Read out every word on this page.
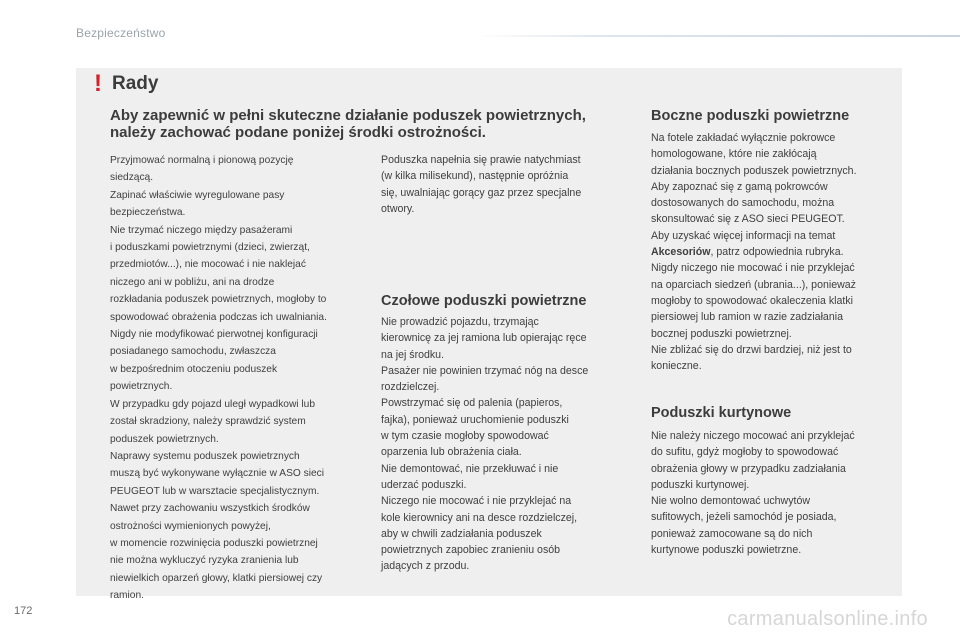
Bezpieczeństwo
! Rady
Aby zapewnić w pełni skuteczne działanie poduszek powietrznych,
należy zachować podane poniżej środki ostrożności.
Przyjmować normalną i pionową pozycję
siedzącą.
Zapinać właściwie wyregulowane pasy
bezpieczeństwa.
Nie trzymać niczego między pasażerami
i poduszkami powietrznymi (dzieci, zwierząt,
przedmiotów...), nie mocować i nie naklejać
niczego ani w pobliżu, ani na drodze
rozkładania poduszek powietrznych, mogłoby to
spowodować obrażenia podczas ich uwalniania.
Nigdy nie modyfikować pierwotnej konfiguracji
posiadanego samochodu, zwłaszcza
w bezpośrednim otoczeniu poduszek
powietrznych.
W przypadku gdy pojazd uległ wypadkowi lub
został skradziony, należy sprawdzić system
poduszek powietrznych.
Naprawy systemu poduszek powietrznych
muszą być wykonywane wyłącznie w ASO sieci
PEUGEOT lub w warsztacie specjalistycznym.
Nawet przy zachowaniu wszystkich środków
ostrożności wymienionych powyżej,
w momencie rozwinięcia poduszki powietrznej
nie można wykluczyć ryzyka zranienia lub
niewielkich oparzeń głowy, klatki piersiowej czy
ramion.
Poduszka napełnia się prawie natychmiast
(w kilka milisekund), następnie opróżnia
się, uwalniając gorący gaz przez specjalne
otwory.
Czołowe poduszki powietrzne
Nie prowadzić pojazdu, trzymając
kierownicę za jej ramiona lub opierając ręce
na jej środku.
Pasażer nie powinien trzymać nóg na desce
rozdzielczej.
Powstrzymać się od palenia (papieros,
fajka), ponieważ uruchomienie poduszki
w tym czasie mogłoby spowodować
oparzenia lub obrażenia ciała.
Nie demontować, nie przekłuwać i nie
uderzać poduszki.
Niczego nie mocować i nie przyklejać na
kole kierownicy ani na desce rozdzielczej,
aby w chwili zadziałania poduszek
powietrznych zapobiec zranieniu osób
jadących z przodu.
Boczne poduszki powietrzne
Na fotele zakładać wyłącznie pokrowce
homologowane, które nie zakłócają
działania bocznych poduszek powietrznych.
Aby zapoznać się z gamą pokrowców
dostosowanych do samochodu, można
skonsultować się z ASO sieci PEUGEOT.
Aby uzyskać więcej informacji na temat
Akcesoriów, patrz odpowiednia rubryka.
Nigdy niczego nie mocować i nie przyklejać
na oparciach siedzeń (ubrania...), ponieważ
mogłoby to spowodować okaleczenia klatki
piersiowej lub ramion w razie zadziałania
bocznej poduszki powietrznej.
Nie zbliżać się do drzwi bardziej, niż jest to
konieczne.
Poduszki kurtynowe
Nie należy niczego mocować ani przyklejać
do sufitu, gdyż mogłoby to spowodować
obrażenia głowy w przypadku zadziałania
poduszki kurtynowej.
Nie wolno demontować uchwytów
sufitowych, jeżeli samochód je posiada,
ponieważ zamocowane są do nich
kurtynowe poduszki powietrzne.
172	carmanualsonline.info
